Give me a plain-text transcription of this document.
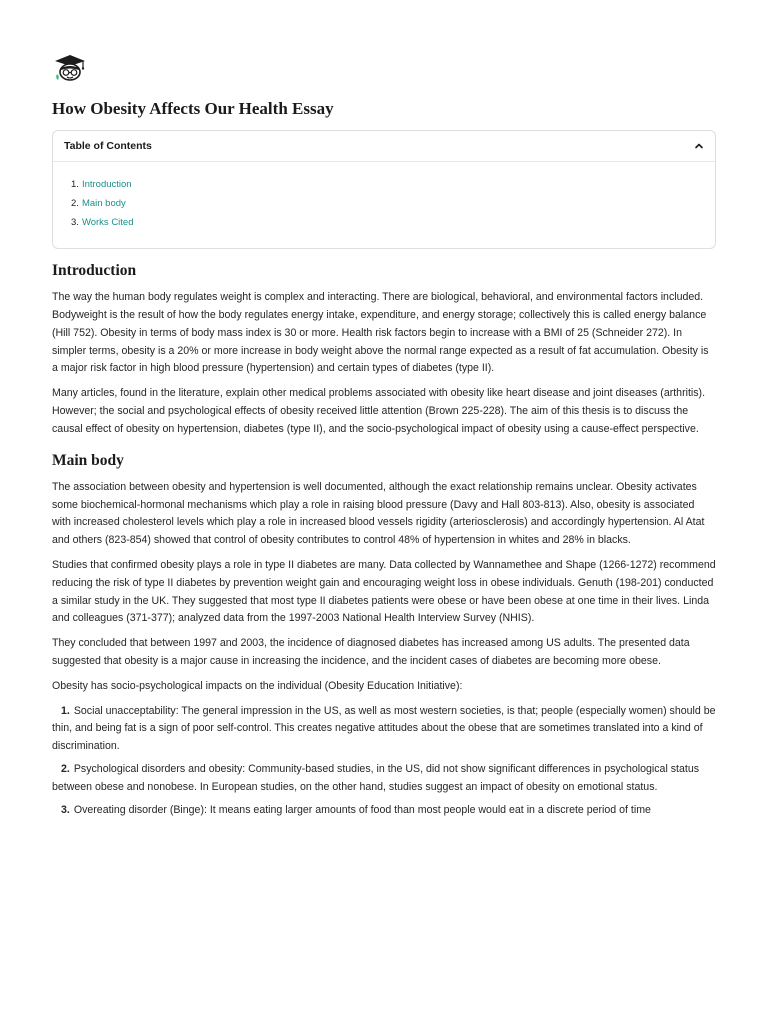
How Obesity Affects Our Health Essay
Table of Contents
1. Introduction
2. Main body
3. Works Cited
Introduction

The way the human body regulates weight is complex and interacting. There are biological, behavioral, and environmental factors included. Bodyweight is the result of how the body regulates energy intake, expenditure, and energy storage; collectively this is called energy balance (Hill 752). Obesity in terms of body mass index is 30 or more. Health risk factors begin to increase with a BMI of 25 (Schneider 272). In simpler terms, obesity is a 20% or more increase in body weight above the normal range expected as a result of fat accumulation. Obesity is a major risk factor in high blood pressure (hypertension) and certain types of diabetes (type II).

Many articles, found in the literature, explain other medical problems associated with obesity like heart disease and joint diseases (arthritis). However; the social and psychological effects of obesity received little attention (Brown 225-228). The aim of this thesis is to discuss the causal effect of obesity on hypertension, diabetes (type II), and the socio-psychological impact of obesity using a cause-effect perspective.

Main body

The association between obesity and hypertension is well documented, although the exact relationship remains unclear. Obesity activates some biochemical-hormonal mechanisms which play a role in raising blood pressure (Davy and Hall 803-813). Also, obesity is associated with increased cholesterol levels which play a role in increased blood vessels rigidity (arteriosclerosis) and accordingly hypertension. Al Atat and others (823-854) showed that control of obesity contributes to control 48% of hypertension in whites and 28% in blacks.

Studies that confirmed obesity plays a role in type II diabetes are many. Data collected by Wannamethee and Shape (1266-1272) recommend reducing the risk of type II diabetes by prevention weight gain and encouraging weight loss in obese individuals. Genuth (198-201) conducted a similar study in the UK. They suggested that most type II diabetes patients were obese or have been obese at one time in their lives. Linda and colleagues (371-377); analyzed data from the 1997-2003 National Health Interview Survey (NHIS).

They concluded that between 1997 and 2003, the incidence of diagnosed diabetes has increased among US adults. The presented data suggested that obesity is a major cause in increasing the incidence, and the incident cases of diabetes are becoming more obese.

Obesity has socio-psychological impacts on the individual (Obesity Education Initiative):

1. Social unacceptability: The general impression in the US, as well as most western societies, is that; people (especially women) should be thin, and being fat is a sign of poor self-control. This creates negative attitudes about the obese that are sometimes translated into a kind of discrimination.
2. Psychological disorders and obesity: Community-based studies, in the US, did not show significant differences in psychological status between obese and nonobese. In European studies, on the other hand, studies suggest an impact of obesity on emotional status.
3. Overeating disorder (Binge): It means eating larger amounts of food than most people would eat in a discrete period of time
